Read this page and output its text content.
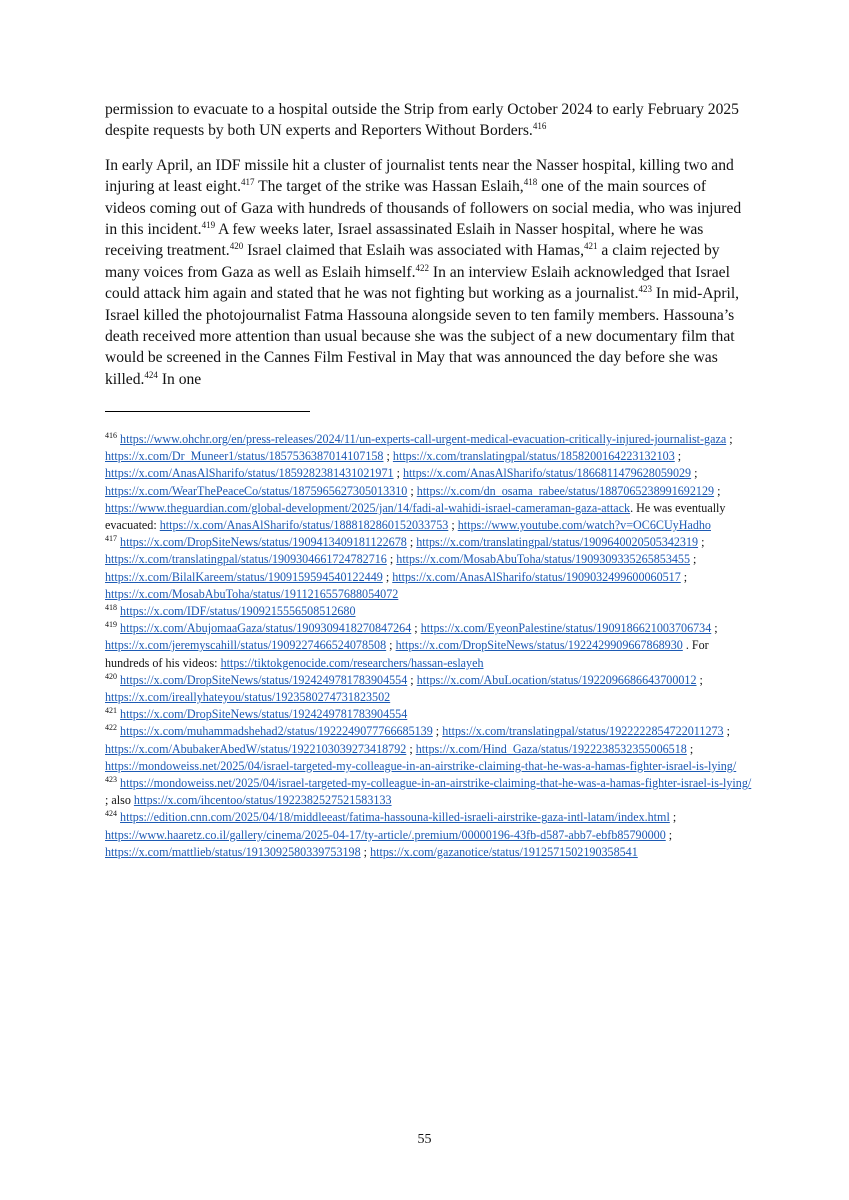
permission to evacuate to a hospital outside the Strip from early October 2024 to early February 2025 despite requests by both UN experts and Reporters Without Borders.$^{416}$

In early April, an IDF missile hit a cluster of journalist tents near the Nasser hospital, killing two and injuring at least eight.$^{417}$ The target of the strike was Hassan Eslaih,$^{418}$ one of the main sources of videos coming out of Gaza with hundreds of thousands of followers on social media, who was injured in this incident.$^{419}$ A few weeks later, Israel assassinated Eslaih in Nasser hospital, where he was receiving treatment.$^{420}$ Israel claimed that Eslaih was associated with Hamas,$^{421}$ a claim rejected by many voices from Gaza as well as Eslaih himself.$^{422}$ In an interview Eslaih acknowledged that Israel could attack him again and stated that he was not fighting but working as a journalist.$^{423}$ In mid-April, Israel killed the photojournalist Fatma Hassouna alongside seven to ten family members. Hassouna’s death received more attention than usual because she was the subject of a new documentary film that would be screened in the Cannes Film Festival in May that was announced the day before she was killed.$^{424}$ In one

$^{416}$ https://www.ohchr.org/en/press-releases/2024/11/un-experts-call-urgent-medical-evacuation-critically-injured-journalist-gaza ; https://x.com/Dr_Muneer1/status/1857536387014107158 ; https://x.com/translatingpal/status/1858200164223132103 ; https://x.com/AnasAlSharifo/status/1859282381431021971 ; https://x.com/AnasAlSharifo/status/1866811479628059029 ; https://x.com/WearThePeaceCo/status/1875965627305013310 ; https://x.com/dn_osama_rabee/status/1887065238991692129 ; https://www.theguardian.com/global-development/2025/jan/14/fadi-al-wahidi-israel-cameraman-gaza-attack. He was eventually evacuated: https://x.com/AnasAlSharifo/status/1888182860152033753 ; https://www.youtube.com/watch?v=OC6CUyHadho

$^{417}$ https://x.com/DropSiteNews/status/1909413409181122678 ; https://x.com/translatingpal/status/1909640020505342319 ; https://x.com/translatingpal/status/1909304661724782716 ; https://x.com/MosabAbuToha/status/1909309335265853455 ; https://x.com/BilalKareem/status/1909159594540122449 ; https://x.com/AnasAlSharifo/status/1909032499600060517 ; https://x.com/MosabAbuToha/status/1911216557688054072

$^{418}$ https://x.com/IDF/status/1909215556508512680

$^{419}$ https://x.com/AbujomaaGaza/status/1909309418270847264 ; https://x.com/EyeonPalestine/status/1909186621003706734 ; https://x.com/jeremyscahill/status/1909227466524078508 ; https://x.com/DropSiteNews/status/1922429909667868930 . For hundreds of his videos: https://tiktokgenocide.com/researchers/hassan-eslayeh

$^{420}$ https://x.com/DropSiteNews/status/1924249781783904554 ; https://x.com/AbuLocation/status/1922096686643700012 ; https://x.com/ireallyhateyou/status/1923580274731823502

$^{421}$ https://x.com/DropSiteNews/status/1924249781783904554

$^{422}$ https://x.com/muhammadshehad2/status/1922249077766685139 ; https://x.com/translatingpal/status/1922222854722011273 ; https://x.com/AbubakerAbedW/status/1922103039273418792 ; https://x.com/Hind_Gaza/status/1922238532355006518 ; https://mondoweiss.net/2025/04/israel-targeted-my-colleague-in-an-airstrike-claiming-that-he-was-a-hamas-fighter-israel-is-lying/

$^{423}$ https://mondoweiss.net/2025/04/israel-targeted-my-colleague-in-an-airstrike-claiming-that-he-was-a-hamas-fighter-israel-is-lying/ ; also https://x.com/ihcentoo/status/1922382527521583133

$^{424}$ https://edition.cnn.com/2025/04/18/middleeast/fatima-hassouna-killed-israeli-airstrike-gaza-intl-latam/index.html ; https://www.haaretz.co.il/gallery/cinema/2025-04-17/ty-article/.premium/00000196-43fb-d587-abb7-ebfb85790000 ; https://x.com/mattlieb/status/1913092580339753198 ; https://x.com/gazanotice/status/1912571502190358541

55
